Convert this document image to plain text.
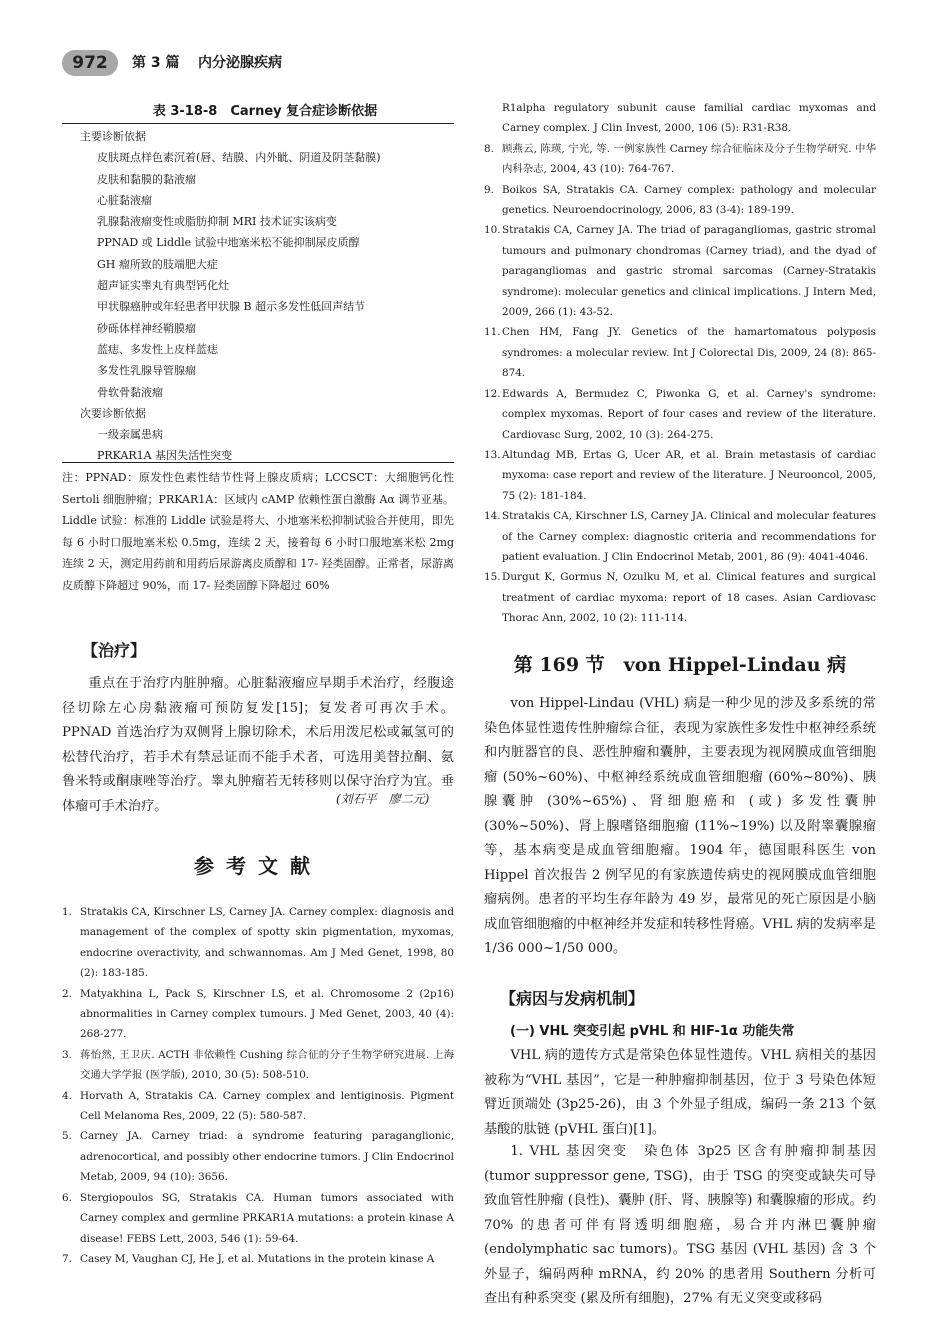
972	第 3 篇 内分泌腺疾病
表 3-18-8　Carney 复合症诊断依据
主要诊断依据
皮肤斑点样色素沉着(唇、结膜、内外眦、阴道及阴茎黏膜)
皮肤和黏膜的黏液瘤
心脏黏液瘤
乳腺黏液瘤变性或脂肪抑制 MRI 技术证实该病变
PPNAD 或 Liddle 试验中地塞米松不能抑制尿皮质醇
GH 瘤所致的肢端肥大症
超声证实睾丸有典型钙化灶
甲状腺癌肿或年轻患者甲状腺 B 超示多发性低回声结节
砂砾体样神经鞘膜瘤
蓝痣、多发性上皮样蓝痣
多发性乳腺导管腺瘤
骨软骨黏液瘤
次要诊断依据
一级亲属患病
PRKAR1A 基因失活性突变
注：PPNAD：原发性色素性结节性肾上腺皮质病；LCCSCT：大细胞钙化性 Sertoli 细胞肿瘤；PRKAR1A：区域内 cAMP 依赖性蛋白激酶 Aα 调节亚基。Liddle 试验：标准的 Liddle 试验是将大、小地塞米松抑制试验合并使用，即先每 6 小时口服地塞米松 0.5mg，连续 2 天，接着每 6 小时口服地塞米松 2mg 连续 2 天，测定用药前和用药后尿游离皮质醇和 17- 羟类固醇。正常者，尿游离皮质醇下降超过 90%，而 17- 羟类固醇下降超过 60%
【治疗】

重点在于治疗内脏肿瘤。心脏黏液瘤应早期手术治疗，经腹途径切除左心房黏液瘤可预防复发[15]；复发者可再次手术。PPNAD 首选治疗为双侧肾上腺切除术，术后用泼尼松或氟氢可的松替代治疗，若手术有禁忌证而不能手术者，可选用美替拉酮、氨鲁米特或酮康唑等治疗。睾丸肿瘤若无转移则以保守治疗为宜。垂体瘤可手术治疗。	(刘石平　廖二元)
参考文献
1. Stratakis CA, Kirschner LS, Carney JA. Carney complex: diagnosis and management of the complex of spotty skin pigmentation, myxomas, endocrine overactivity, and schwannomas. Am J Med Genet, 1998, 80 (2): 183-185.
2. Matyakhina L, Pack S, Kirschner LS, et al. Chromosome 2 (2p16) abnormalities in Carney complex tumours. J Med Genet, 2003, 40 (4): 268-277.
3. 蒋怡然, 王卫庆. ACTH 非依赖性 Cushing 综合征的分子生物学研究进展. 上海交通大学学报 (医学版), 2010, 30 (5): 508-510.
4. Horvath A, Stratakis CA. Carney complex and lentiginosis. Pigment Cell Melanoma Res, 2009, 22 (5): 580-587.
5. Carney JA. Carney triad: a syndrome featuring paraganglionic, adrenocortical, and possibly other endocrine tumors. J Clin Endocrinol Metab, 2009, 94 (10): 3656.
6. Stergiopoulos SG, Stratakis CA. Human tumors associated with Carney complex and germline PRKAR1A mutations: a protein kinase A disease! FEBS Lett, 2003, 546 (1): 59-64.
7. Casey M, Vaughan CJ, He J, et al. Mutations in the protein kinase A
R1alpha regulatory subunit cause familial cardiac myxomas and Carney complex. J Clin Invest, 2000, 106 (5): R31-R38.
8. 顾燕云, 陈瑛, 宁光, 等. 一例家族性 Carney 综合征临床及分子生物学研究. 中华内科杂志, 2004, 43 (10): 764-767.
9. Boikos SA, Stratakis CA. Carney complex: pathology and molecular genetics. Neuroendocrinology, 2006, 83 (3-4): 189-199.
10. Stratakis CA, Carney JA. The triad of paragangliomas, gastric stromal tumours and pulmonary chondromas (Carney triad), and the dyad of paragangliomas and gastric stromal sarcomas (Carney-Stratakis syndrome): molecular genetics and clinical implications. J Intern Med, 2009, 266 (1): 43-52.
11. Chen HM, Fang JY. Genetics of the hamartomatous polyposis syndromes: a molecular review. Int J Colorectal Dis, 2009, 24 (8): 865-874.
12. Edwards A, Bermudez C, Piwonka G, et al. Carney's syndrome: complex myxomas. Report of four cases and review of the literature. Cardiovasc Surg, 2002, 10 (3): 264-275.
13. Altundag MB, Ertas G, Ucer AR, et al. Brain metastasis of cardiac myxoma: case report and review of the literature. J Neurooncol, 2005, 75 (2): 181-184.
14. Stratakis CA, Kirschner LS, Carney JA. Clinical and molecular features of the Carney complex: diagnostic criteria and recommendations for patient evaluation. J Clin Endocrinol Metab, 2001, 86 (9): 4041-4046.
15. Durgut K, Gormus N, Ozulku M, et al. Clinical features and surgical treatment of cardiac myxoma: report of 18 cases. Asian Cardiovasc Thorac Ann, 2002, 10 (2): 111-114.
第 169 节　von Hippel-Lindau 病

von Hippel-Lindau (VHL) 病是一种少见的涉及多系统的常染色体显性遗传性肿瘤综合征，表现为家族性多发性中枢神经系统和内脏器官的良、恶性肿瘤和囊肿，主要表现为视网膜成血管细胞瘤 (50%~60%)、中枢神经系统成血管细胞瘤 (60%~80%)、胰腺囊肿 (30%~65%)、肾细胞癌和 (或) 多发性囊肿 (30%~50%)、肾上腺嗜铬细胞瘤 (11%~19%) 以及附睾囊腺瘤等，基本病变是成血管细胞瘤。1904 年，德国眼科医生 von Hippel 首次报告 2 例罕见的有家族遗传病史的视网膜成血管细胞瘤病例。患者的平均生存年龄为 49 岁，最常见的死亡原因是小脑成血管细胞瘤的中枢神经并发症和转移性肾癌。VHL 病的发病率是 1/36 000~1/50 000。

【病因与发病机制】
(一) VHL 突变引起 pVHL 和 HIF-1α 功能失常

VHL 病的遗传方式是常染色体显性遗传。VHL 病相关的基因被称为“VHL 基因”，它是一种肿瘤抑制基因，位于 3 号染色体短臂近顶端处 (3p25-26)，由 3 个外显子组成，编码一条 213 个氨基酸的肽链 (pVHL 蛋白)[1]。

1. VHL 基因突变　染色体 3p25 区含有肿瘤抑制基因 (tumor suppressor gene, TSG)，由于 TSG 的突变或缺失可导致血管性肿瘤 (良性)、囊肿 (肝、肾、胰腺等) 和囊腺瘤的形成。约 70% 的患者可伴有肾透明细胞癌，易合并内淋巴囊肿瘤 (endolymphatic sac tumors)。TSG 基因 (VHL 基因) 含 3 个外显子，编码两种 mRNA，约 20% 的患者用 Southern 分析可查出有种系突变 (累及所有细胞)，27% 有无义突变或移码
